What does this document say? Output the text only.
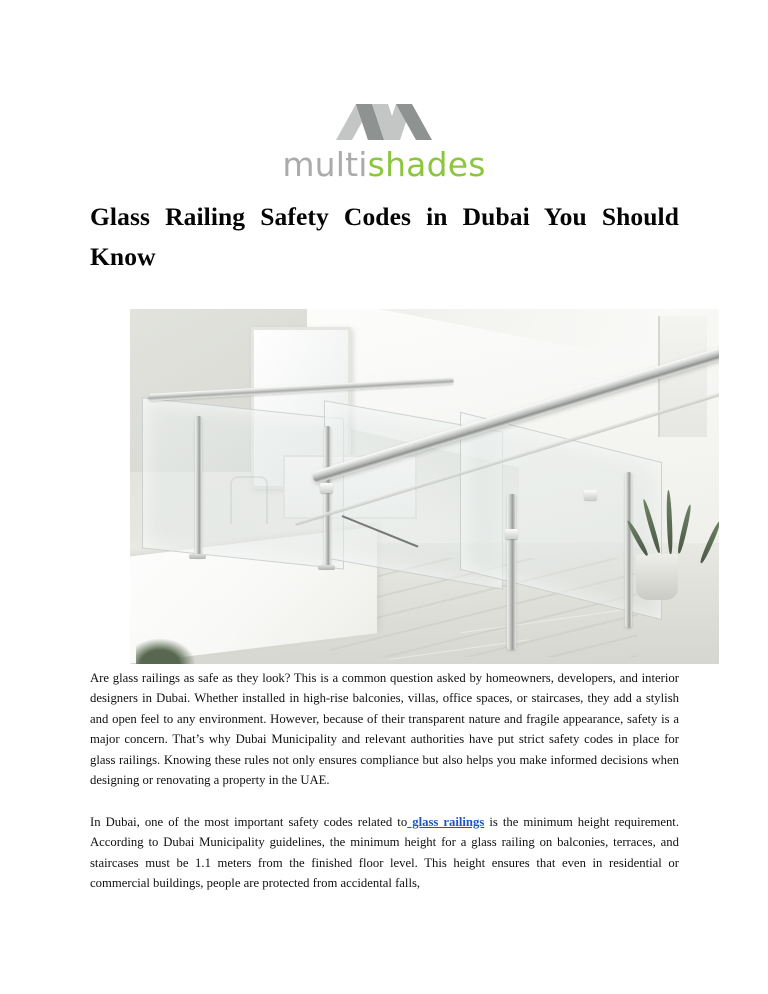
multishades
Glass Railing Safety Codes in Dubai You Should Know

Are glass railings as safe as they look? This is a common question asked by homeowners, developers, and interior designers in Dubai. Whether installed in high-rise balconies, villas, office spaces, or staircases, they add a stylish and open feel to any environment. However, because of their transparent nature and fragile appearance, safety is a major concern. That’s why Dubai Municipality and relevant authorities have put strict safety codes in place for glass railings. Knowing these rules not only ensures compliance but also helps you make informed decisions when designing or renovating a property in the UAE.

In Dubai, one of the most important safety codes related to glass railings is the minimum height requirement. According to Dubai Municipality guidelines, the minimum height for a glass railing on balconies, terraces, and staircases must be 1.1 meters from the finished floor level. This height ensures that even in residential or commercial buildings, people are protected from accidental falls,
